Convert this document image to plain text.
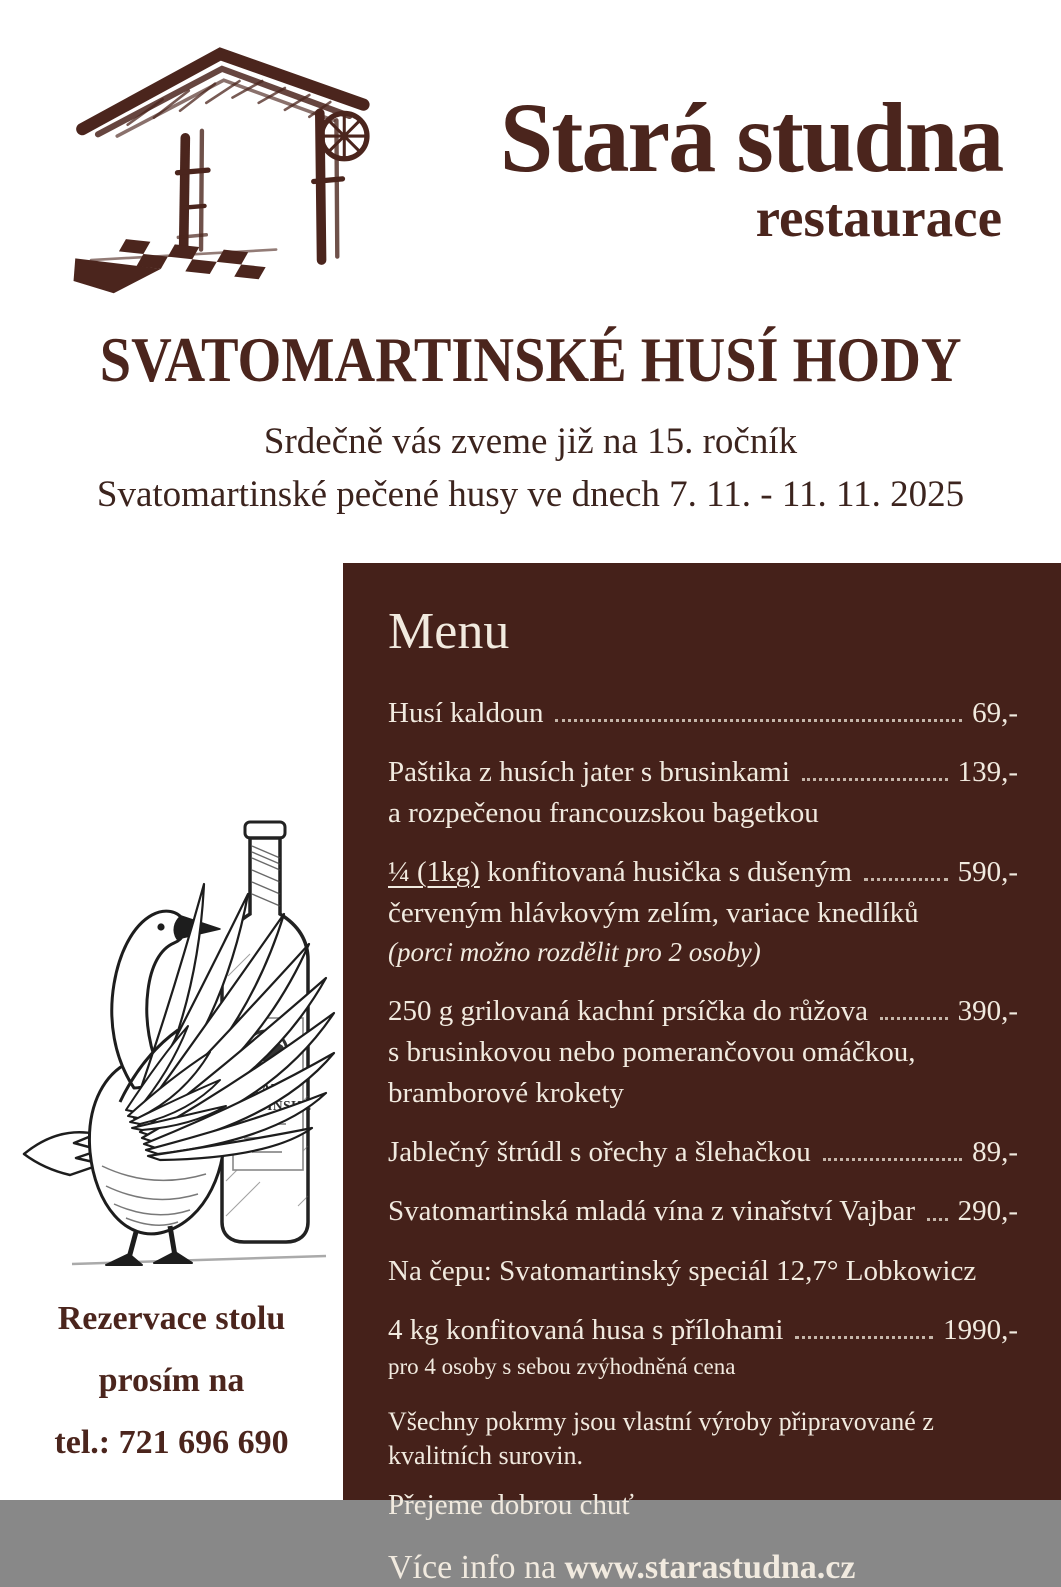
Stará studna
restaurace
SVATOMARTINSKÉ HUSÍ HODY
Srdečně vás zveme již na 15. ročník
Svatomartinské pečené husy ve dnech 7. 11. - 11. 11. 2025
Rezervace stolu
prosím na
tel.: 721 696 690
Menu
Husí kaldoun	69,-
Paštika z husích jater s brusinkami	139,-
a rozpečenou francouzskou bagetkou
¼ (1kg) konfitovaná husička s dušeným	590,-
červeným hlávkovým zelím, variace knedlíků
(porci možno rozdělit pro 2 osoby)
250 g grilovaná kachní prsíčka do růžova	390,-
s brusinkovou nebo pomerančovou omáčkou,
bramborové krokety
Jablečný štrúdl s ořechy a šlehačkou	89,-
Svatomartinská mladá vína z vinařství Vajbar 290,-
Na čepu: Svatomartinský speciál 12,7° Lobkowicz
4 kg konfitovaná husa s přílohami	1990,-
pro 4 osoby s sebou zvýhodněná cena
Všechny pokrmy jsou vlastní výroby připravované z kvalitních surovin.
Přejeme dobrou chuť
Více info na www.starastudna.cz
